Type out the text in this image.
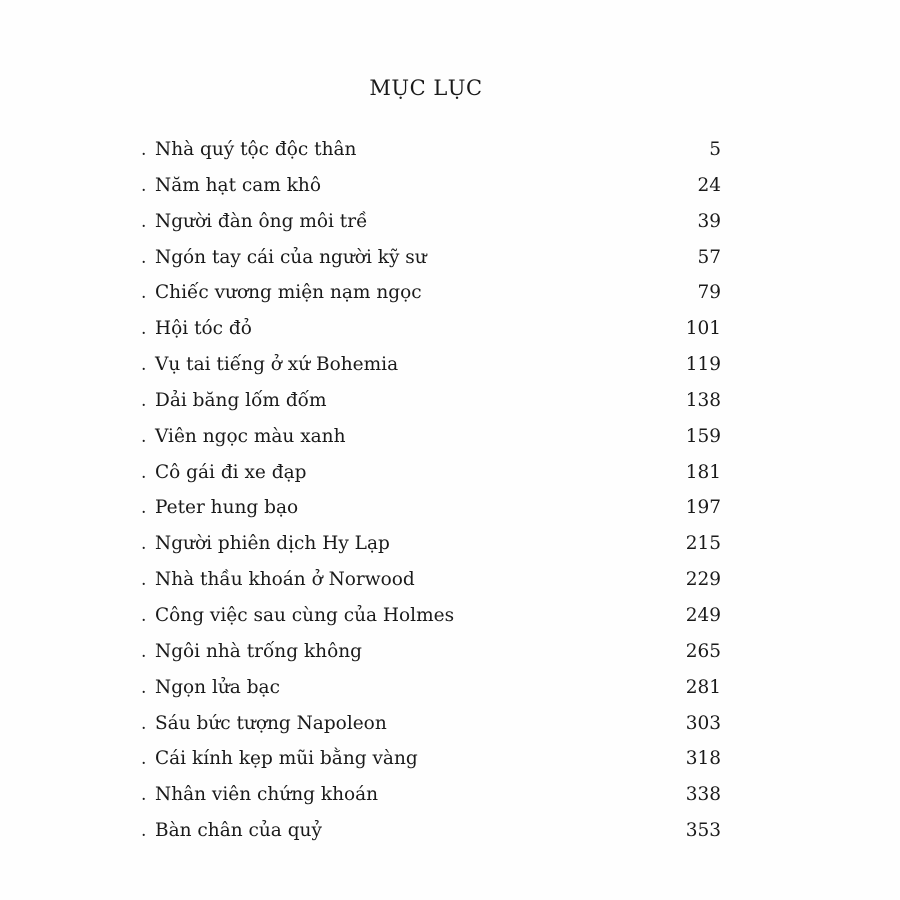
MỤC LỤC
. Nhà quý tộc độc thân	5
. Năm hạt cam khô	24
. Người đàn ông môi trề	39
. Ngón tay cái của người kỹ sư	57
. Chiếc vương miện nạm ngọc	79
. Hội tóc đỏ	101
. Vụ tai tiếng ở xứ Bohemia	119
. Dải băng lốm đốm	138
. Viên ngọc màu xanh	159
. Cô gái đi xe đạp	181
. Peter hung bạo	197
. Người phiên dịch Hy Lạp	215
. Nhà thầu khoán ở Norwood	229
. Công việc sau cùng của Holmes	249
. Ngôi nhà trống không	265
. Ngọn lửa bạc	281
. Sáu bức tượng Napoleon	303
. Cái kính kẹp mũi bằng vàng	318
. Nhân viên chứng khoán	338
. Bàn chân của quỷ	353
